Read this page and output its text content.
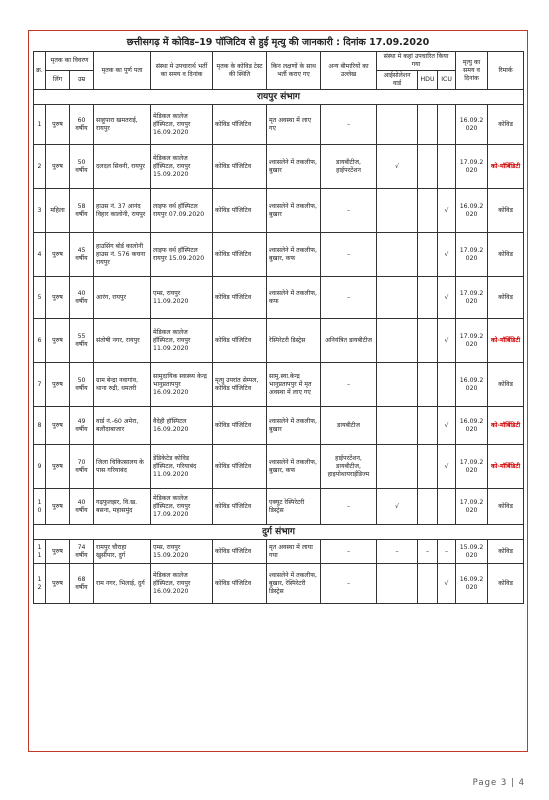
छत्तीसगढ़ में कोविड–19 पॉजिटिव से हुई मृत्यु की जानकारी : दिनांक 17.09.2020
क्र.	मृतक का विवरण		मृतक का पूर्ण पता	संस्था मे उपचारार्थ भर्ती का समय व दिनांक	मृतक के कोविड टेस्ट की स्थिति	किन लक्षणों के साथ भर्ती कराए गए	अन्य बीमारियों का उल्लेख	संस्था मे कहां उपचारित किया गया			मृत्यु का समय व दिनांक	रिमार्क
	लिंग	उम्र						आईसोलेशन वार्ड	HDU	ICU		
रायपुर संभाग												
1	पुरुष	60 वर्षीय	साहुपारा खमतराई, रायपुर	मेडिकल कालेज हॉस्पिटल, रायपुर 16.09.2020	कोविड पॉजिटिव	मृत अवस्था में लाए गए	–				16.09.2020	कोविड
2	पुरुष	50 वर्षीय	दलदल सिवनी, रायपुर	मेडिकल कालेज हॉस्पिटल, रायपुर 15.09.2020	कोविड पॉजिटिव	श्वासलेने में तकलीफ, बुखार	डायबीटीज, हाईपरटेंशन	√			17.09.2020	को-मॉर्बिडिटी
3	महिला	58 वर्षीय	हाउस नं. 37 आनंद विहार कालोनी, रायपुर	लाइफ वर्थ हॉस्पिटल रायपुर 07.09.2020	कोविड पॉजिटिव	श्वासलेने में तकलीफ, बुखार	–			√	16.09.2020	कोविड
4	पुरुष	45 वर्षीय	हाउसिंग बोर्ड कालोनी हाउस नं. 576 कचना रायपुर	लाइफ वर्थ हॉस्पिटल रायपुर 15.09.2020	कोविड पॉजिटिव	श्वासलेने में तकलीफ, बुखार, कफ	–			√	17.09.2020	कोविड
5	पुरुष	40 वर्षीय	आरंग, रायपुर	एम्स, रायपुर 11.09.2020	कोविड पॉजिटिव	श्वासलेने में तकलीफ, कफ	–			√	17.09.2020	कोविड
6	पुरुष	55 वर्षीय	संतोषी नगर, रायपुर	मेडिकल कालेज हॉस्पिटल, रायपुर 11.09.2020	कोविड पॉजिटिव	रेस्पिरेटरी डिस्ट्रेस	अनियंत्रित डायबीटीज			√	17.09.2020	को-मॉर्बिडिटी
7	पुरुष	50 वर्षीय	ग्राम बेन्द्रा नवागांव, थाना रुद्री, धमतरी	सामुदायिक स्वास्थ्य केन्द्र भानुप्रतापपुर 16.09.2020	मृत्यु उपरांत सेम्पल, कोविड पॉजिटिव	सामु.स्वा.केन्द्र भानुप्रतापपुर में मृत अवस्था में लाए गए	–				16.09.2020	कोविड
8	पुरुष	49 वर्षीय	वार्ड नं.-60 अमेरा, बलौदाबाजार	वैदेही हॉस्पिटल 16.09.2020	कोविड पॉजिटिव	श्वासलेने में तकलीफ, बुखार	डायबीटीज			√	16.09.2020	को-मॉर्बिडिटी
9	पुरुष	70 वर्षीय	जिला चिकित्सालय के पास गरियाबंद	डेडिकेटेड कोविड हॉस्पिटल, गरियाबंद 11.09.2020	कोविड पॉजिटिव	श्वासलेने में तकलीफ, बुखार, कफ	हाईपरटेंशन, डायबीटीज, हाइपोथायराईडिज्म			√	17.09.2020	को-मॉर्बिडिटी
10	पुरुष	40 वर्षीय	गढ़फुलझर, वि.ख. बसना, महासमुंद	मेडिकल कालेज हॉस्पिटल, रायपुर 17.09.2020	कोविड पॉजिटिव	एक्यूट रेस्पिरेटरी डिस्ट्रेस	–	√			17.09.2020	कोविड
दुर्ग संभाग												
11	पुरुष	74 वर्षीय	रामपुर चौराहा खुर्सीपार, दुर्ग	एम्स, रायपुर 15.09.2020	कोविड पॉजिटिव	मृत अवस्था में लाया गया	–	–	–	–	15.09.2020	कोविड
12	पुरुष	68 वर्षीय	राम नगर, भिलाई, दुर्ग	मेडिकल कालेज हॉस्पिटल, रायपुर 16.09.2020	कोविड पॉजिटिव	श्वासलेने में तकलीफ, बुखार, रेस्पिरेटरी डिस्ट्रेस	–			√	16.09.2020	कोविड
Page 3 | 4
